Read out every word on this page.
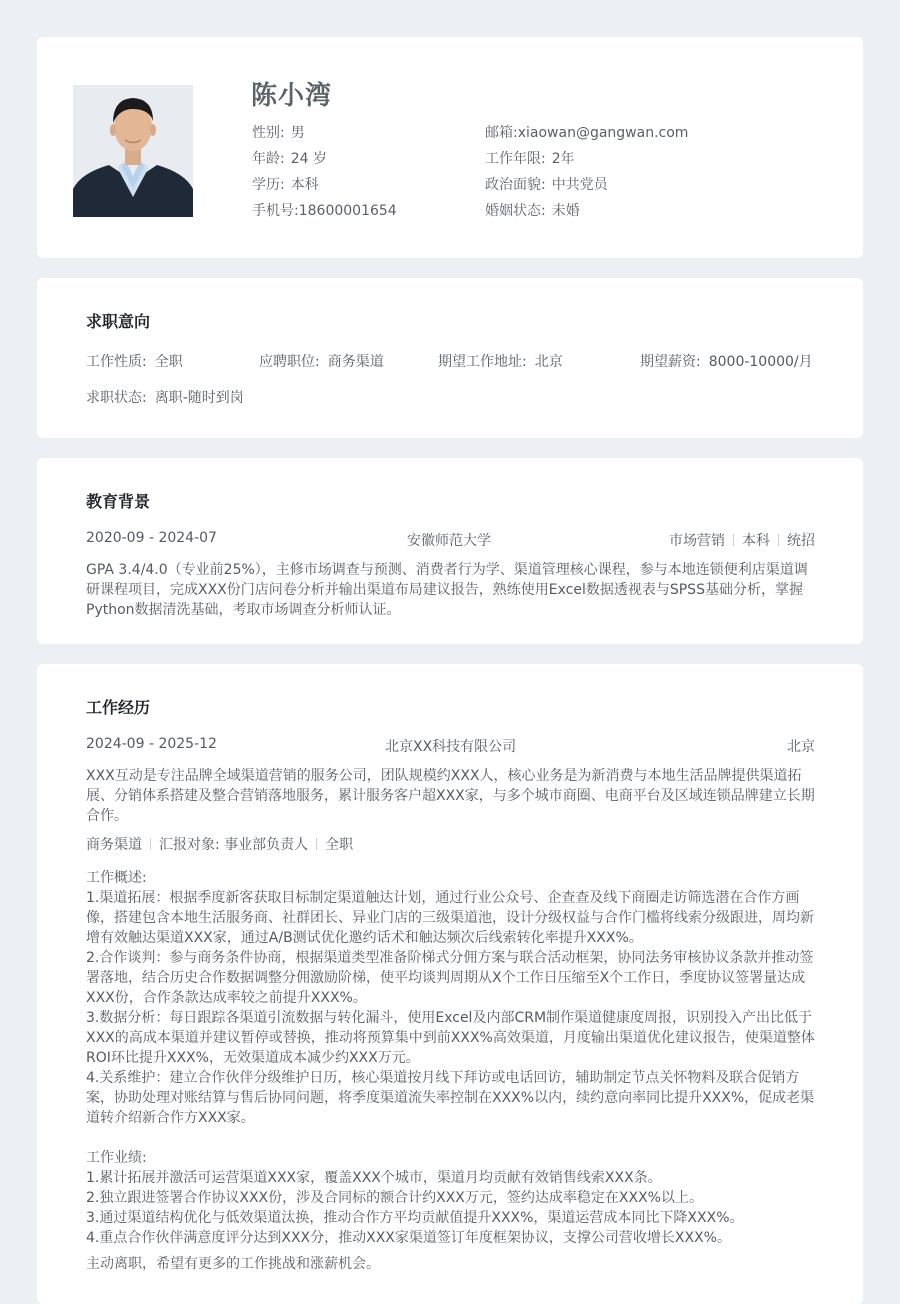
陈小湾
性别: 男
年龄: 24 岁
学历: 本科
手机号:18600001654
邮箱:xiaowan@gangwan.com
工作年限: 2年
政治面貌: 中共党员
婚姻状态: 未婚
求职意向
工作性质: 全职	应聘职位: 商务渠道	期望工作地址: 北京	期望薪资: 8000-10000/月
求职状态: 离职-随时到岗
教育背景
2020-09 - 2024-07	安徽师范大学	市场营销 本科 统招
GPA 3.4/4.0（专业前25%），主修市场调查与预测、消费者行为学、渠道管理核心课程，参与本地连锁便利店渠道调
研课程项目，完成XXX份门店问卷分析并输出渠道布局建议报告，熟练使用Excel数据透视表与SPSS基础分析，掌握
Python数据清洗基础，考取市场调查分析师认证。
工作经历
2024-09 - 2025-12	北京XX科技有限公司	北京
XXX互动是专注品牌全域渠道营销的服务公司，团队规模约XXX人，核心业务是为新消费与本地生活品牌提供渠道拓
展、分销体系搭建及整合营销落地服务，累计服务客户超XXX家，与多个城市商圈、电商平台及区域连锁品牌建立长期
合作。
商务渠道 汇报对象: 事业部负责人 全职
工作概述:
1.渠道拓展：根据季度新客获取目标制定渠道触达计划，通过行业公众号、企查查及线下商圈走访筛选潜在合作方画
像，搭建包含本地生活服务商、社群团长、异业门店的三级渠道池，设计分级权益与合作门槛将线索分级跟进，周均新
增有效触达渠道XXX家，通过A/B测试优化邀约话术和触达频次后线索转化率提升XXX%。
2.合作谈判：参与商务条件协商，根据渠道类型准备阶梯式分佣方案与联合活动框架，协同法务审核协议条款并推动签
署落地，结合历史合作数据调整分佣激励阶梯，使平均谈判周期从X个工作日压缩至X个工作日，季度协议签署量达成
XXX份，合作条款达成率较之前提升XXX%。
3.数据分析：每日跟踪各渠道引流数据与转化漏斗，使用Excel及内部CRM制作渠道健康度周报，识别投入产出比低于
XXX的高成本渠道并建议暂停或替换，推动将预算集中到前XXX%高效渠道，月度输出渠道优化建议报告，使渠道整体
ROI环比提升XXX%，无效渠道成本减少约XXX万元。
4.关系维护：建立合作伙伴分级维护日历，核心渠道按月线下拜访或电话回访，辅助制定节点关怀物料及联合促销方
案，协助处理对账结算与售后协同问题，将季度渠道流失率控制在XXX%以内，续约意向率同比提升XXX%，促成老渠
道转介绍新合作方XXX家。
工作业绩:
1.累计拓展并激活可运营渠道XXX家，覆盖XXX个城市，渠道月均贡献有效销售线索XXX条。
2.独立跟进签署合作协议XXX份，涉及合同标的额合计约XXX万元，签约达成率稳定在XXX%以上。
3.通过渠道结构优化与低效渠道汰换，推动合作方平均贡献值提升XXX%，渠道运营成本同比下降XXX%。
4.重点合作伙伴满意度评分达到XXX分，推动XXX家渠道签订年度框架协议，支撑公司营收增长XXX%。
主动离职，希望有更多的工作挑战和涨薪机会。
